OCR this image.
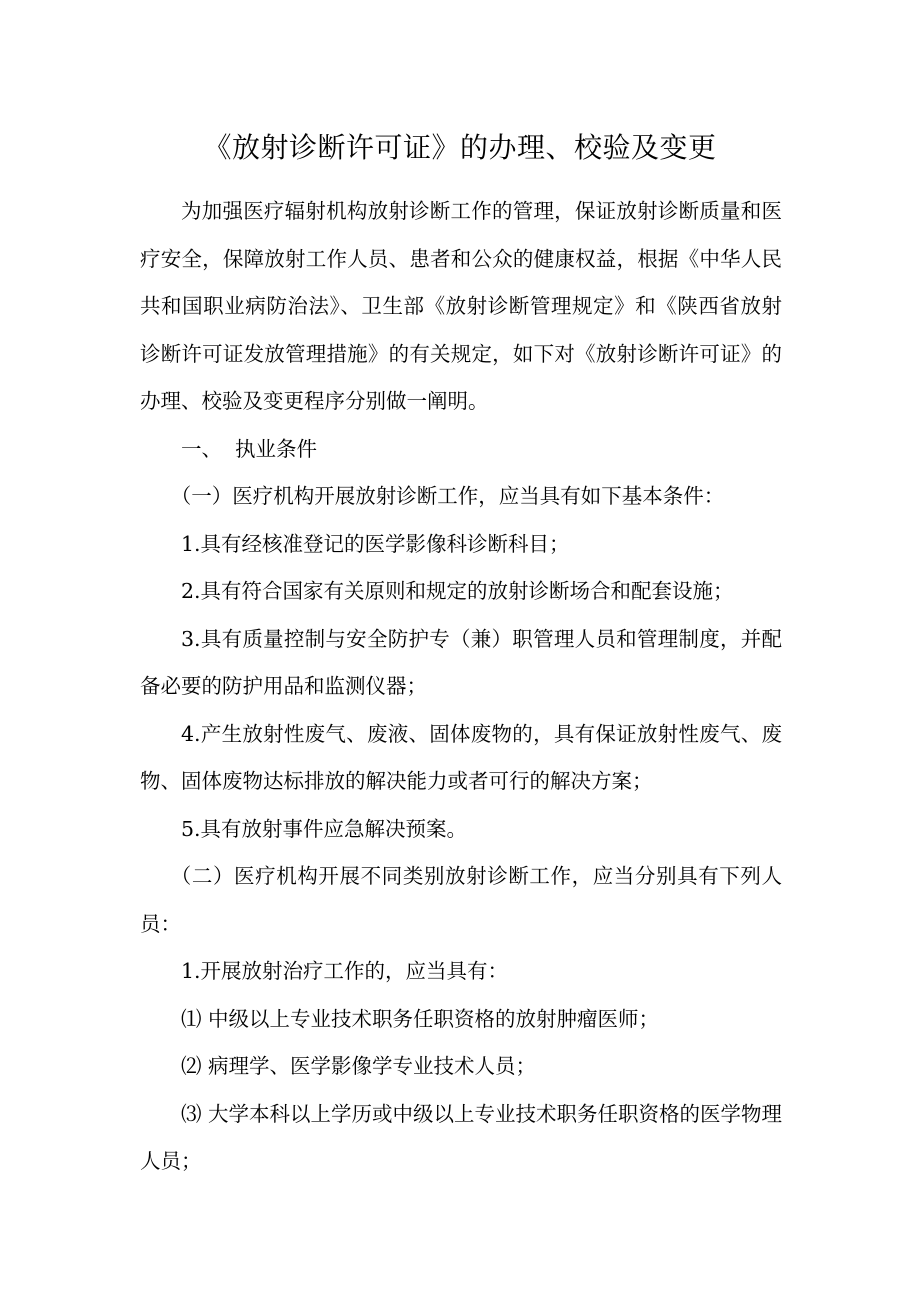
《放射诊断许可证》的办理、校验及变更

为加强医疗辐射机构放射诊断工作的管理，保证放射诊断质量和医疗安全，保障放射工作人员、患者和公众的健康权益，根据《中华人民共和国职业病防治法》、卫生部《放射诊断管理规定》和《陕西省放射诊断许可证发放管理措施》的有关规定，如下对《放射诊断许可证》的办理、校验及变更程序分别做一阐明。

一、 执业条件

（一）医疗机构开展放射诊断工作，应当具有如下基本条件：

1.具有经核准登记的医学影像科诊断科目；

2.具有符合国家有关原则和规定的放射诊断场合和配套设施；

3.具有质量控制与安全防护专（兼）职管理人员和管理制度，并配备必要的防护用品和监测仪器；

4.产生放射性废气、废液、固体废物的，具有保证放射性废气、废物、固体废物达标排放的解决能力或者可行的解决方案；

5.具有放射事件应急解决预案。

（二）医疗机构开展不同类别放射诊断工作，应当分别具有下列人员：

1.开展放射治疗工作的，应当具有：

⑴ 中级以上专业技术职务任职资格的放射肿瘤医师；

⑵ 病理学、医学影像学专业技术人员；

⑶ 大学本科以上学历或中级以上专业技术职务任职资格的医学物理人员；
